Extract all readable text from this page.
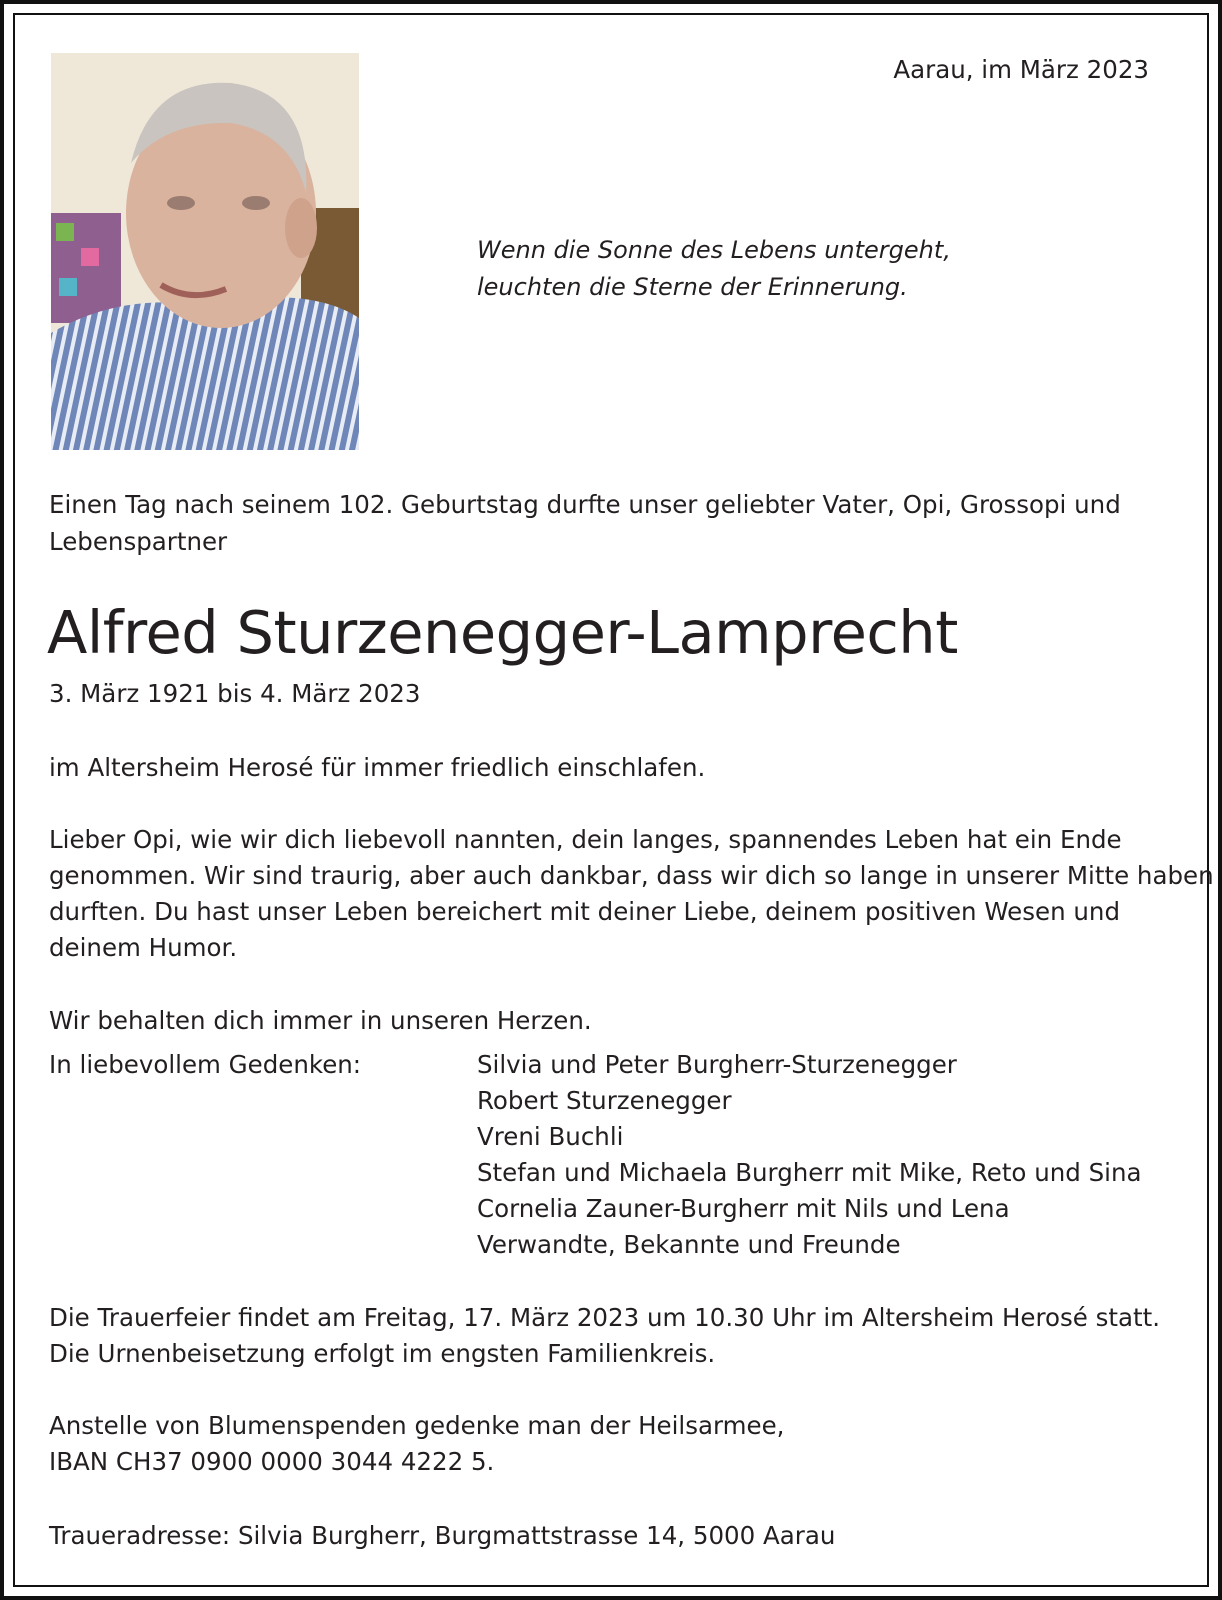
Aarau, im März 2023

Wenn die Sonne des Lebens untergeht,
leuchten die Sterne der Erinnerung.
Einen Tag nach seinem 102. Geburtstag durfte unser geliebter Vater, Opi, Grossopi und
Lebenspartner
Alfred Sturzenegger-Lamprecht

3. März 1921 bis 4. März 2023

im Altersheim Herosé für immer friedlich einschlafen.

Lieber Opi, wie wir dich liebevoll nannten, dein langes, spannendes Leben hat ein Ende
genommen. Wir sind traurig, aber auch dankbar, dass wir dich so lange in unserer Mitte haben
durften. Du hast unser Leben bereichert mit deiner Liebe, deinem positiven Wesen und
deinem Humor.

Wir behalten dich immer in unseren Herzen.

In liebevollem Gedenken:	Silvia und Peter Burgherr-Sturzenegger
Robert Sturzenegger
Vreni Buchli
Stefan und Michaela Burgherr mit Mike, Reto und Sina
Cornelia Zauner-Burgherr mit Nils und Lena
Verwandte, Bekannte und Freunde
Die Trauerfeier findet am Freitag, 17. März 2023 um 10.30 Uhr im Altersheim Herosé statt.
Die Urnenbeisetzung erfolgt im engsten Familienkreis.
Anstelle von Blumenspenden gedenke man der Heilsarmee,
IBAN CH37 0900 0000 3044 4222 5.

Traueradresse: Silvia Burgherr, Burgmattstrasse 14, 5000 Aarau
